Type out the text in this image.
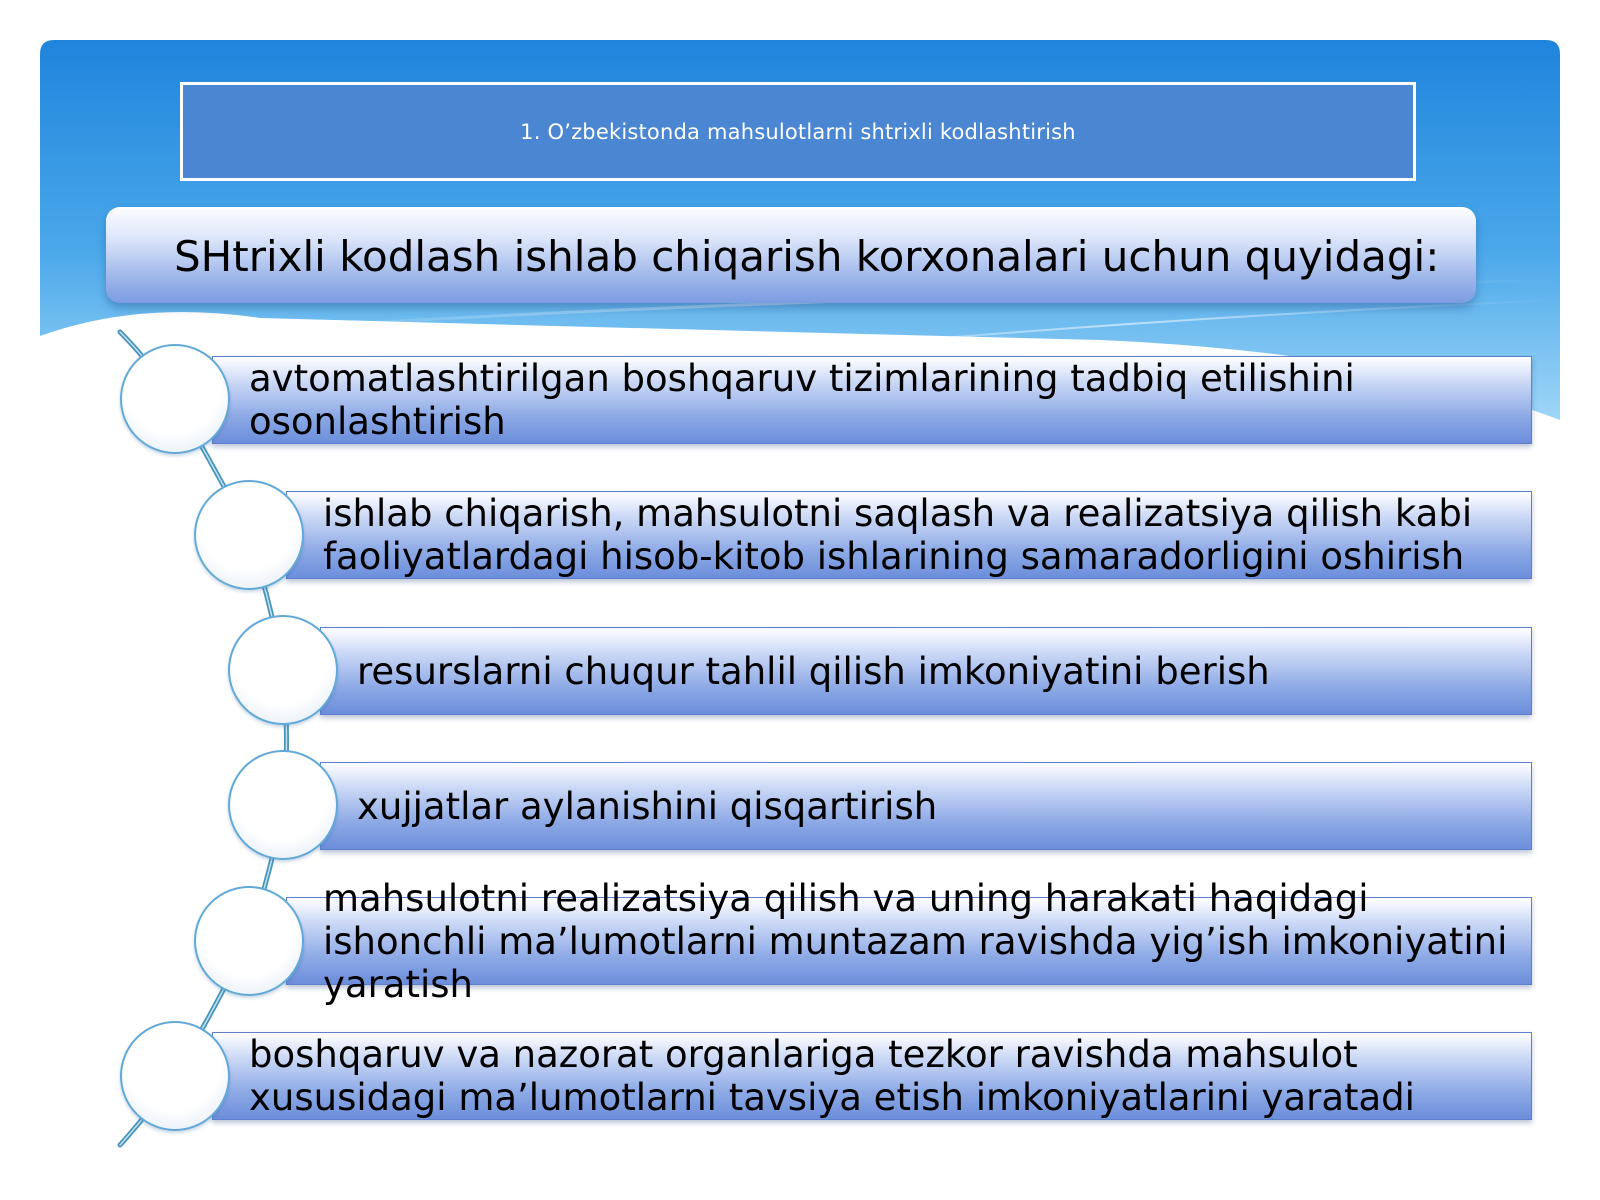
1. O’zbekistonda mahsulotlarni shtrixli kodlashtirish
SHtrixli kodlash ishlab chiqarish korxonalari uchun quyidagi:
avtomatlashtirilgan boshqaruv tizimlarining tadbiq etilishini osonlashtirish
ishlab chiqarish, mahsulotni saqlash va realizatsiya qilish kabi faoliyatlardagi hisob-kitob ishlarining samaradorligini oshirish
resurslarni chuqur tahlil qilish imkoniyatini berish
xujjatlar aylanishini qisqartirish
mahsulotni realizatsiya qilish va uning harakati haqidagi ishonchli ma’lumotlarni muntazam ravishda yig’ish imkoniyatini yaratish
boshqaruv va nazorat organlariga tezkor ravishda mahsulot xususidagi ma’lumotlarni tavsiya etish imkoniyatlarini yaratadi
